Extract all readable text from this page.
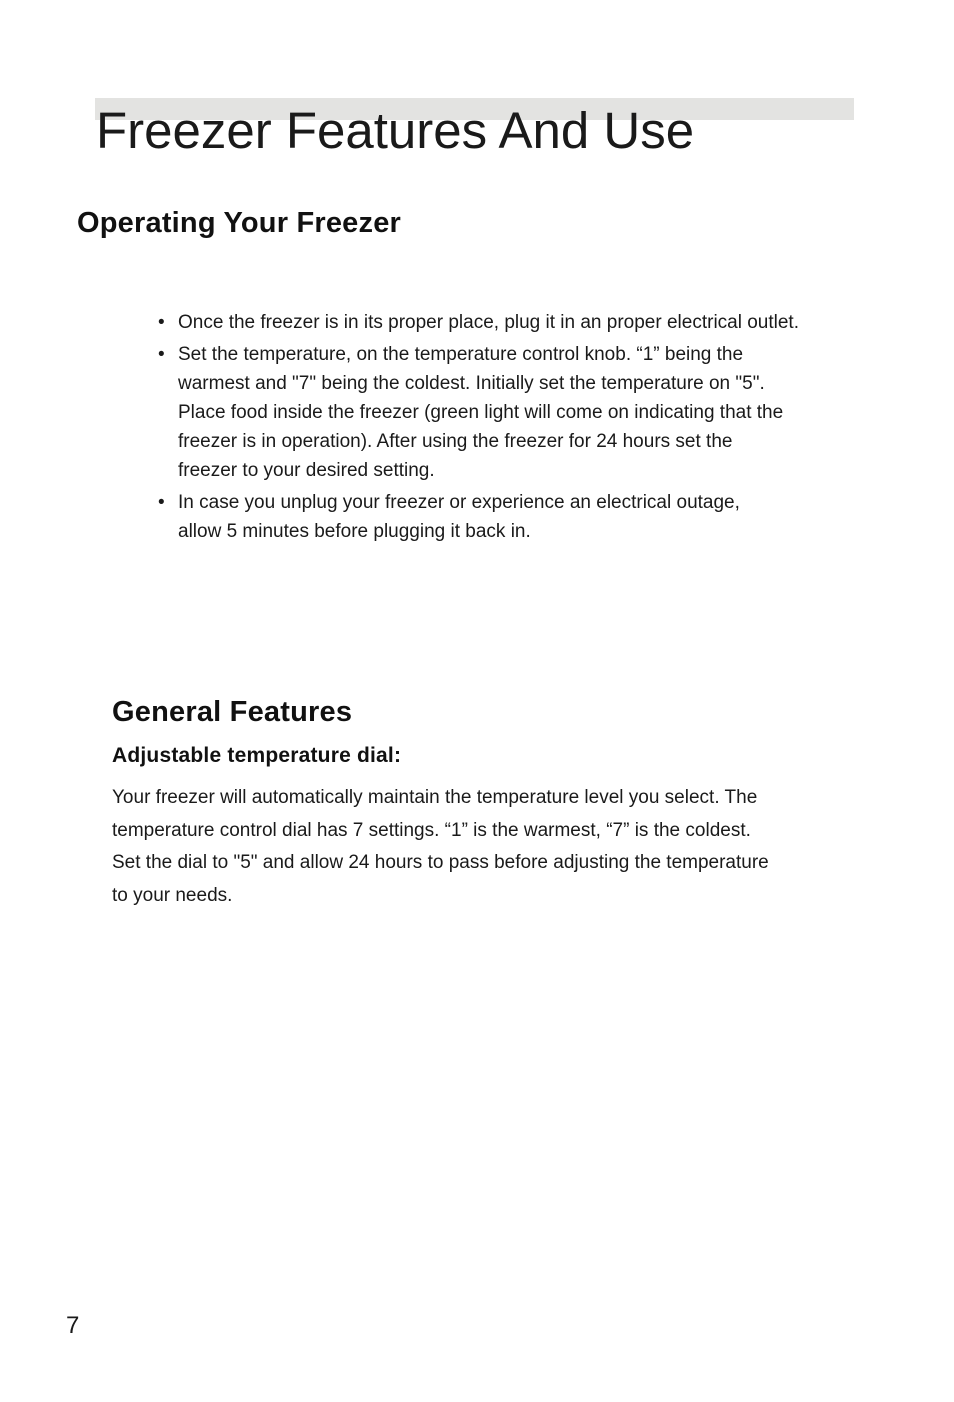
Freezer Features And Use
Operating Your Freezer
• Once the freezer is in its proper place, plug it in an proper electrical outlet.
• Set the temperature, on the temperature control knob. “1” being the
warmest and "7" being the coldest. Initially set the temperature on "5".
Place food inside the freezer (green light will come on indicating that the
freezer is in operation). After using the freezer for 24 hours set the
freezer to your desired setting.
• In case you unplug your freezer or experience an electrical outage,
allow 5 minutes before plugging it back in.
General Features
Adjustable temperature dial:

Your freezer will automatically maintain the temperature level you select. The
temperature control dial has 7 settings. “1” is the warmest, “7” is the coldest.
Set the dial to "5" and allow 24 hours to pass before adjusting the temperature
to your needs.

7
